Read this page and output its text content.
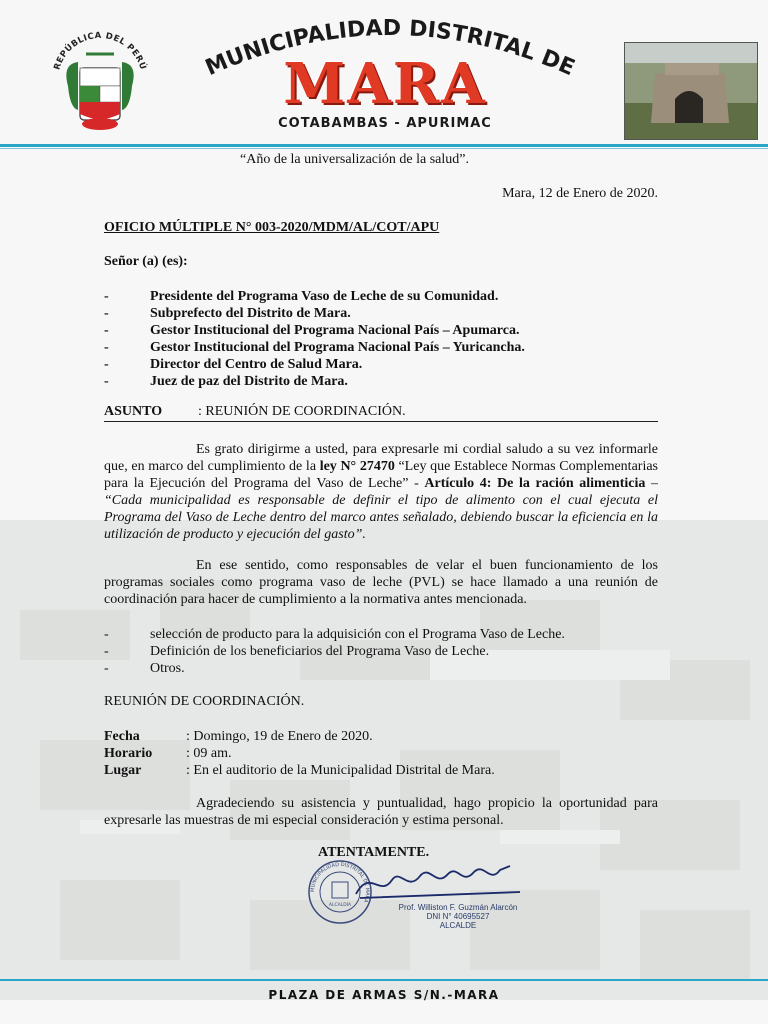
REPÚBLICA DEL PERÚ MUNICIPALIDAD DISTRITAL DE
MARA
COTABAMBAS - APURIMAC
“Año de la universalización de la salud”.
Mara, 12 de Enero de 2020.
OFICIO MÚLTIPLE N° 003-2020/MDM/AL/COT/APU
Señor (a) (es):
-	Presidente del Programa Vaso de Leche de su Comunidad.
-	Subprefecto del Distrito de Mara.
-	Gestor Institucional del Programa Nacional País – Apumarca.
-	Gestor Institucional del Programa Nacional País – Yuricancha.
-	Director del Centro de Salud Mara.
-	Juez de paz del Distrito de Mara.
ASUNTO	: REUNIÓN DE COORDINACIÓN.
Es grato dirigirme a usted, para expresarle mi cordial saludo a su vez informarle que, en marco del cumplimiento de la ley N° 27470 “Ley que Establece Normas Complementarias para la Ejecución del Programa del Vaso de Leche” - Artículo 4: De la ración alimenticia – “Cada municipalidad es responsable de definir el tipo de alimento con el cual ejecuta el Programa del Vaso de Leche dentro del marco antes señalado, debiendo buscar la eficiencia en la utilización de producto y ejecución del gasto”.
En ese sentido, como responsables de velar el buen funcionamiento de los programas sociales como programa vaso de leche (PVL) se hace llamado a una reunión de coordinación para hacer de cumplimiento a la normativa antes mencionada.
-	selección de producto para la adquisición con el Programa Vaso de Leche.
-	Definición de los beneficiarios del Programa Vaso de Leche.
-	Otros.
REUNIÓN DE COORDINACIÓN.
Fecha	: Domingo, 19 de Enero de 2020.
Horario : 09 am.
Lugar	: En el auditorio de la Municipalidad Distrital de Mara.
Agradeciendo su asistencia y puntualidad, hago propicio la oportunidad para expresarle las muestras de mi especial consideración y estima personal.
ATENTAMENTE.
MUNICIPALIDAD DISTRITAL DE MARA
ALCALDÍA	Prof. Williston F. Guzmán Alarcón
DNI N° 40695527
ALCALDE
PLAZA DE ARMAS S/N.-MARA
